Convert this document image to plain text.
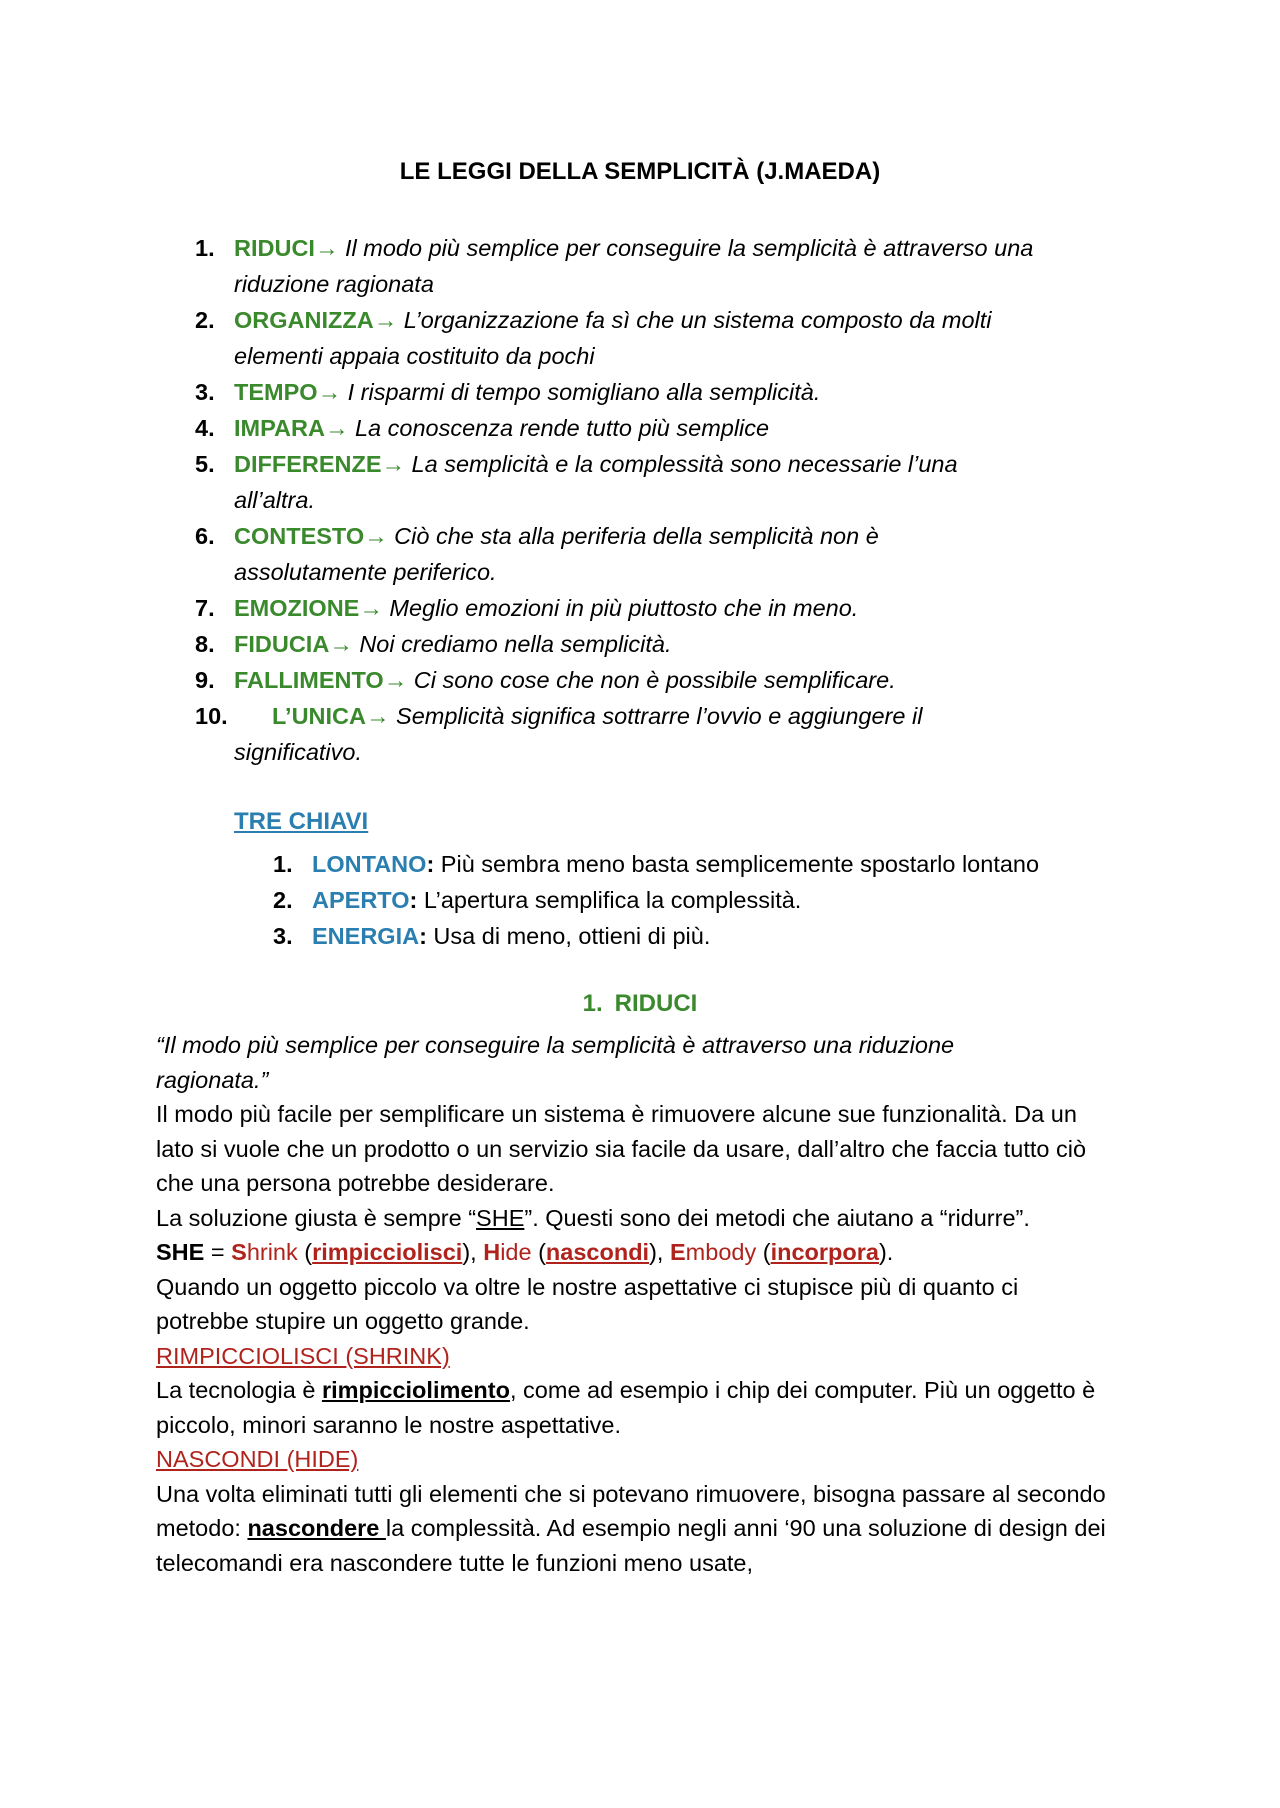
LE LEGGI DELLA SEMPLICITÀ (J.MAEDA)
1. RIDUCI→ Il modo più semplice per conseguire la semplicità è attraverso una
riduzione ragionata
2. ORGANIZZA→ L’organizzazione fa sì che un sistema composto da molti
elementi appaia costituito da pochi
3. TEMPO→ I risparmi di tempo somigliano alla semplicità.
4. IMPARA→ La conoscenza rende tutto più semplice
5. DIFFERENZE→ La semplicità e la complessità sono necessarie l’una
all’altra.
6. CONTESTO→ Ciò che sta alla periferia della semplicità non è
assolutamente periferico.
7. EMOZIONE→ Meglio emozioni in più piuttosto che in meno.
8. FIDUCIA→ Noi crediamo nella semplicità.
9. FALLIMENTO→ Ci sono cose che non è possibile semplificare.
10. L’UNICA→ Semplicità significa sottrarre l’ovvio e aggiungere il
significativo.
TRE CHIAVI
1. LONTANO: Più sembra meno basta semplicemente spostarlo lontano
2. APERTO: L’apertura semplifica la complessità.
3. ENERGIA: Usa di meno, ottieni di più.
1. RIDUCI

“Il modo più semplice per conseguire la semplicità è attraverso una riduzione
ragionata.”

Il modo più facile per semplificare un sistema è rimuovere alcune sue funzionalità. Da un lato si vuole che un prodotto o un servizio sia facile da usare, dall’altro che faccia tutto ciò che una persona potrebbe desiderare.

La soluzione giusta è sempre “SHE”. Questi sono dei metodi che aiutano a “ridurre”.

SHE = Shrink (rimpicciolisci), Hide (nascondi), Embody (incorpora).

Quando un oggetto piccolo va oltre le nostre aspettative ci stupisce più di quanto ci potrebbe stupire un oggetto grande.

RIMPICCIOLISCI (SHRINK)

La tecnologia è rimpicciolimento, come ad esempio i chip dei computer. Più un oggetto è piccolo, minori saranno le nostre aspettative.

NASCONDI (HIDE)

Una volta eliminati tutti gli elementi che si potevano rimuovere, bisogna passare al secondo metodo: nascondere la complessità. Ad esempio negli anni ‘90 una soluzione di design dei telecomandi era nascondere tutte le funzioni meno usate,
